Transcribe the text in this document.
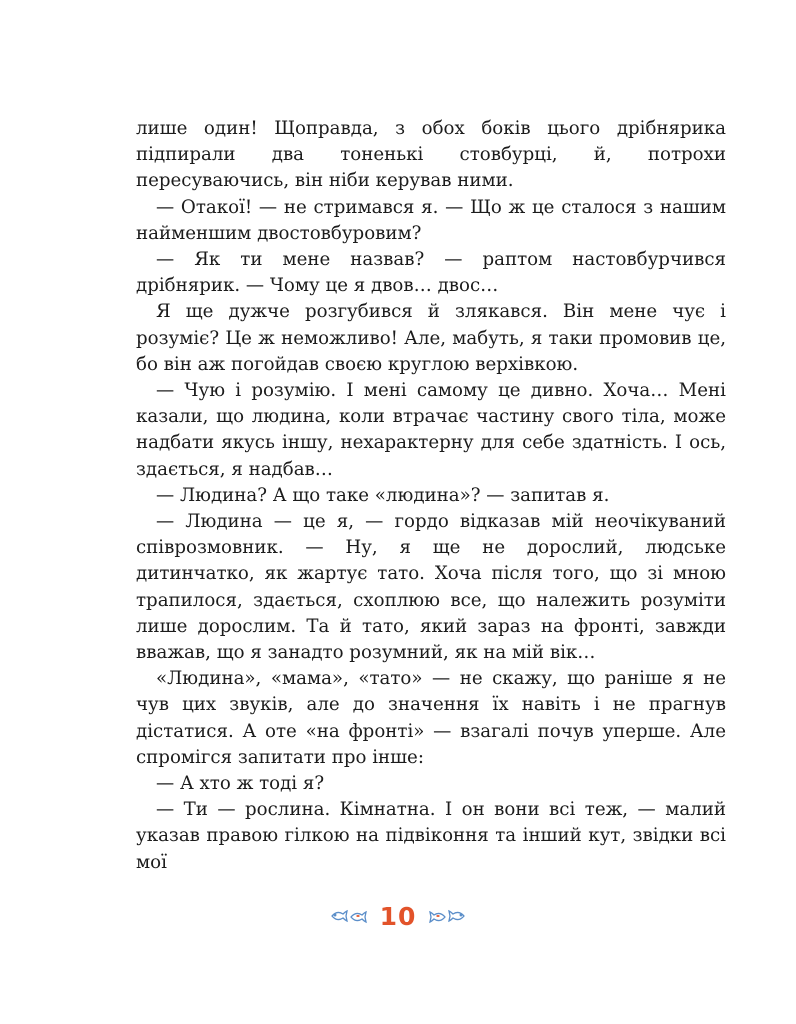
лише один! Щоправда, з обох боків цього дрібнярика підпирали два тоненькі стовбурці, й, потрохи пересуваючись, він ніби керував ними.

— Отакої! — не стримався я. — Що ж це сталося з нашим найменшим двостовбуровим?

— Як ти мене назвав? — раптом настовбурчився дрібнярик. — Чому це я двов… двос…

Я ще дужче розгубився й злякався. Він мене чує і розуміє? Це ж неможливо! Але, мабуть, я таки промовив це, бо він аж погойдав своєю круглою верхівкою.

— Чую і розумію. І мені самому це дивно. Хоча… Мені казали, що людина, коли втрачає частину свого тіла, може надбати якусь іншу, нехарактерну для себе здатність. І ось, здається, я надбав…

— Людина? А що таке «людина»? — запитав я.

— Людина — це я, — гордо відказав мій неочікуваний співрозмовник. — Ну, я ще не дорослий, людське дитинчатко, як жартує тато. Хоча після того, що зі мною трапилося, здається, схоплюю все, що належить розуміти лише дорослим. Та й тато, який зараз на фронті, завжди вважав, що я занадто розумний, як на мій вік…

«Людина», «мама», «тато» — не скажу, що раніше я не чув цих звуків, але до значення їх навіть і не прагнув дістатися. А оте «на фронті» — взагалі почув уперше. Але спромігся запитати про інше:

— А хто ж тоді я?

— Ти — рослина. Кімнатна. І он вони всі теж, — малий указав правою гілкою на підвіконня та інший кут, звідки всі мої

10
